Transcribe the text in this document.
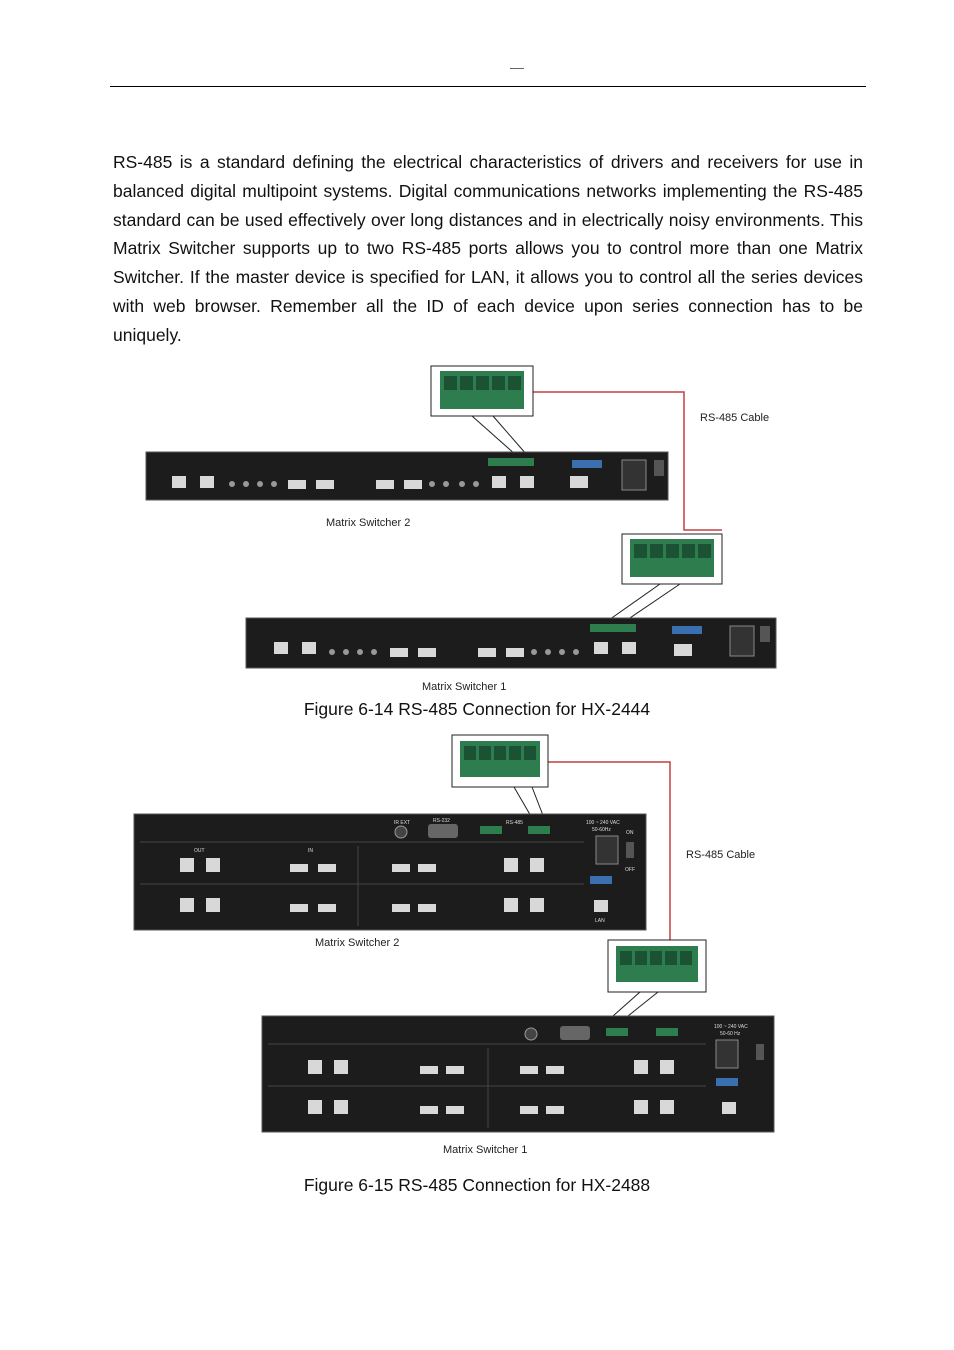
RS-485 is a standard defining the electrical characteristics of drivers and receivers for use in balanced digital multipoint systems. Digital communications networks implementing the RS-485 standard can be used effectively over long distances and in electrically noisy environments. This Matrix Switcher supports up to two RS-485 ports allows you to control more than one Matrix Switcher. If the master device is specified for LAN, it allows you to control all the series devices with web browser. Remember all the ID of each device upon series connection has to be uniquely.

RS-485 Cable
Matrix Switcher 2
Matrix Switcher 1

Figure 6-14 RS-485 Connection for HX-2444

RS-485 Cable
IR EXT	RS-232	RS-485	100 ~ 240 VAC
50-60Hz	ON
OFF
LAN
IN
OUT
Matrix Switcher 2
100 ~ 240 VAC
50-60 Hz
Matrix Switcher 1

Figure 6-15 RS-485 Connection for HX-2488
